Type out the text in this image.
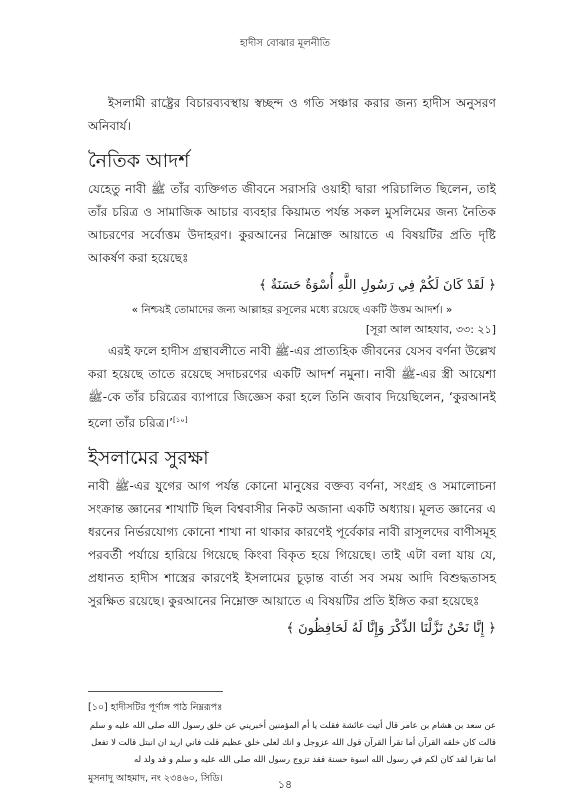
হাদীস বোঝার মূলনীতি

ইসলামী রাষ্ট্রের বিচারব্যবস্থায় স্বচ্ছন্দ ও গতি সঞ্চার করার জন্য হাদীস অনুসরণ অনিবার্য।

নৈতিক আদর্শ

যেহেতু নাবী ﷺ তাঁর ব্যক্তিগত জীবনে সরাসরি ওয়াহী দ্বারা পরিচালিত ছিলেন, তাই তাঁর চরিত্র ও সামাজিক আচার ব্যবহার কিয়ামত পর্যন্ত সকল মুসলিমের জন্য নৈতিক আচরণের সর্বোত্তম উদাহরণ। কুরআনের নিম্নোক্ত আয়াতে এ বিষয়টির প্রতি দৃষ্টি আকর্ষণ করা হয়েছেঃ

﴿ لَقَدْ كَانَ لَكُمْ فِي رَسُولِ اللَّهِ أُسْوَةٌ حَسَنَةٌ ﴾

« নিশ্চয়ই তোমাদের জন্য আল্লাহর রসূলের মধ্যে রয়েছে একটি উত্তম আদর্শ। »

[সূরা আল আহযাব, ৩৩: ২১]

এরই ফলে হাদীস গ্রন্থাবলীতে নাবী ﷺ-এর প্রাত্যহিক জীবনের যেসব বর্ণনা উল্লেখ করা হয়েছে তাতে রয়েছে সদাচরণের একটি আদর্শ নমুনা। নাবী ﷺ-এর স্ত্রী আয়েশা ﷺ-কে তাঁর চরিত্রের ব্যাপারে জিজ্ঞেস করা হলে তিনি জবাব দিয়েছিলেন, ‘কুরআনই হলো তাঁর চরিত্র।’[১০]

ইসলামের সুরক্ষা

নাবী ﷺ-এর যুগের আগ পর্যন্ত কোনো মানুষের বক্তব্য বর্ণনা, সংগ্রহ ও সমালোচনা সংক্রান্ত জ্ঞানের শাখাটি ছিল বিশ্ববাসীর নিকট অজানা একটি অধ্যায়। মূলত জ্ঞানের এ ধরনের নির্ভরযোগ্য কোনো শাখা না থাকার কারণেই পূর্বেকার নাবী রাসূলদের বাণীসমূহ পরবর্তী পর্যায়ে হারিয়ে গিয়েছে কিংবা বিকৃত হয়ে গিয়েছে। তাই এটা বলা যায় যে, প্রধানত হাদীস শাস্ত্রের কারণেই ইসলামের চূড়ান্ত বার্তা সব সময় আদি বিশুদ্ধতাসহ সুরক্ষিত রয়েছে। কুরআনের নিম্নোক্ত আয়াতে এ বিষয়টির প্রতি ইঙ্গিত করা হয়েছেঃ

﴿ إِنَّا نَحْنُ نَزَّلْنَا الذِّكْرَ وَإِنَّا لَهُ لَحَافِظُونَ ﴾

[১০] হাদীসটির পূর্ণাঙ্গ পাঠ নিম্নরূপঃ

عن سعد بن هشام بن عامر قال أتيت عائشة فقلت يا أم المؤمنين أخبريني عن خلق رسول الله صلى الله عليه و سلم قالت كان خلقه القرآن أما تقرأ القرآن قول الله عزوجل و انك لعلى خلق عظيم قلت فاني اريد ان انبتل قالت لا تفعل اما تقرا لقد كان لكم في رسول الله اسوة حسنة فقد تزوج رسول الله صلى الله عليه و سلم و قد ولد له

মুসনাদু আহমাদ, নং ২৩৪৬০, সিডি।	১৪
